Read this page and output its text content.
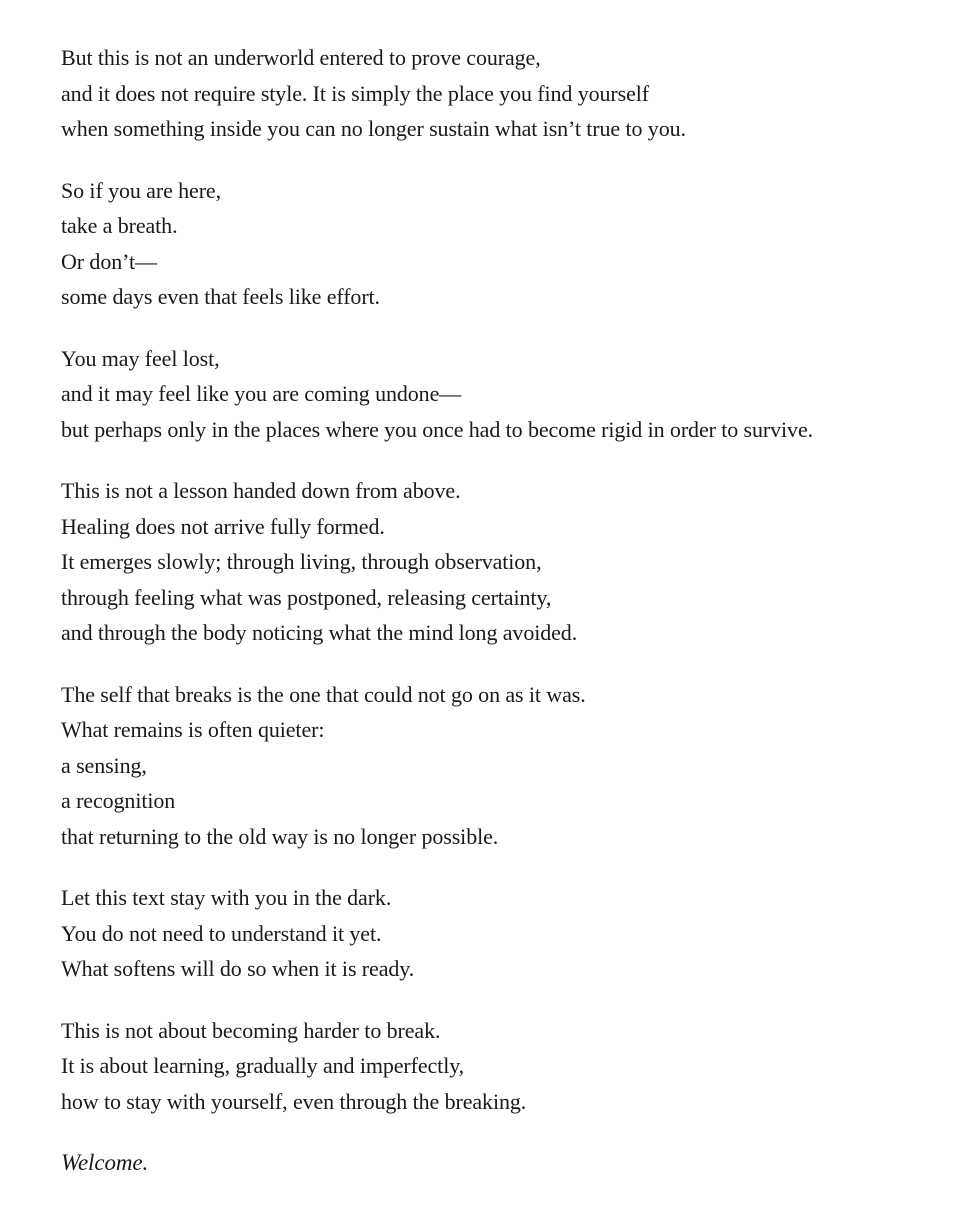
But this is not an underworld entered to prove courage,
and it does not require style. It is simply the place you find yourself
when something inside you can no longer sustain what isn’t true to you.
So if you are here,
take a breath.
Or don’t—
some days even that feels like effort.
You may feel lost,
and it may feel like you are coming undone—
but perhaps only in the places where you once had to become rigid in order to survive.
This is not a lesson handed down from above.
Healing does not arrive fully formed.
It emerges slowly; through living, through observation,
through feeling what was postponed, releasing certainty,
and through the body noticing what the mind long avoided.
The self that breaks is the one that could not go on as it was.
What remains is often quieter:
a sensing,
a recognition
that returning to the old way is no longer possible.
Let this text stay with you in the dark.
You do not need to understand it yet.
What softens will do so when it is ready.
This is not about becoming harder to break.
It is about learning, gradually and imperfectly,
how to stay with yourself, even through the breaking.

Welcome.
